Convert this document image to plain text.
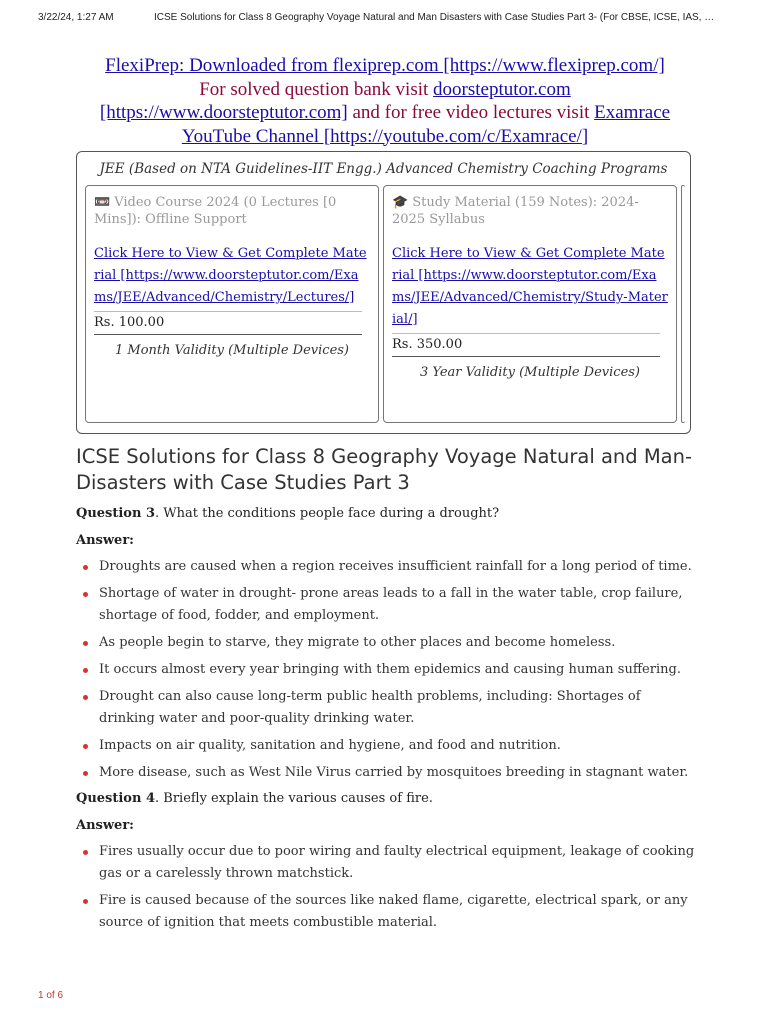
3/22/24, 1:27 AM	ICSE Solutions for Class 8 Geography Voyage Natural and Man Disasters with Case Studies Part 3- (For CBSE, ICSE, IAS, …
FlexiPrep: Downloaded from flexiprep.com [https://www.flexiprep.com/]
For solved question bank visit doorsteptutor.com
[https://www.doorsteptutor.com] and for free video lectures visit Examrace
YouTube Channel [https://youtube.com/c/Examrace/]
JEE (Based on NTA Guidelines-IIT Engg.) Advanced Chemistry Coaching Programs
📼 Video Course 2024 (0 Lectures [0 Mins]): Offline Support
Click Here to View & Get Complete Material [https://www.doorsteptutor.com/Exams/JEE/Advanced/Chemistry/Lectures/]
Rs. 100.00
1 Month Validity (Multiple Devices)
🎓 Study Material (159 Notes): 2024-2025 Syllabus
Click Here to View & Get Complete Material [https://www.doorsteptutor.com/Exams/JEE/Advanced/Chemistry/Study-Material/]
Rs. 350.00
3 Year Validity (Multiple Devices)
ICSE Solutions for Class 8 Geography Voyage Natural and Man-Disasters with Case Studies Part 3

Question 3. What the conditions people face during a drought?

Answer:

Droughts are caused when a region receives insufficient rainfall for a long period of time.
Shortage of water in drought- prone areas leads to a fall in the water table, crop failure, shortage of food, fodder, and employment.
As people begin to starve, they migrate to other places and become homeless.
It occurs almost every year bringing with them epidemics and causing human suffering.
Drought can also cause long-term public health problems, including: Shortages of drinking water and poor-quality drinking water.
Impacts on air quality, sanitation and hygiene, and food and nutrition.
More disease, such as West Nile Virus carried by mosquitoes breeding in stagnant water.

Question 4. Briefly explain the various causes of fire.

Answer:

Fires usually occur due to poor wiring and faulty electrical equipment, leakage of cooking gas or a carelessly thrown matchstick.
Fire is caused because of the sources like naked flame, cigarette, electrical spark, or any source of ignition that meets combustible material.
1 of 6
